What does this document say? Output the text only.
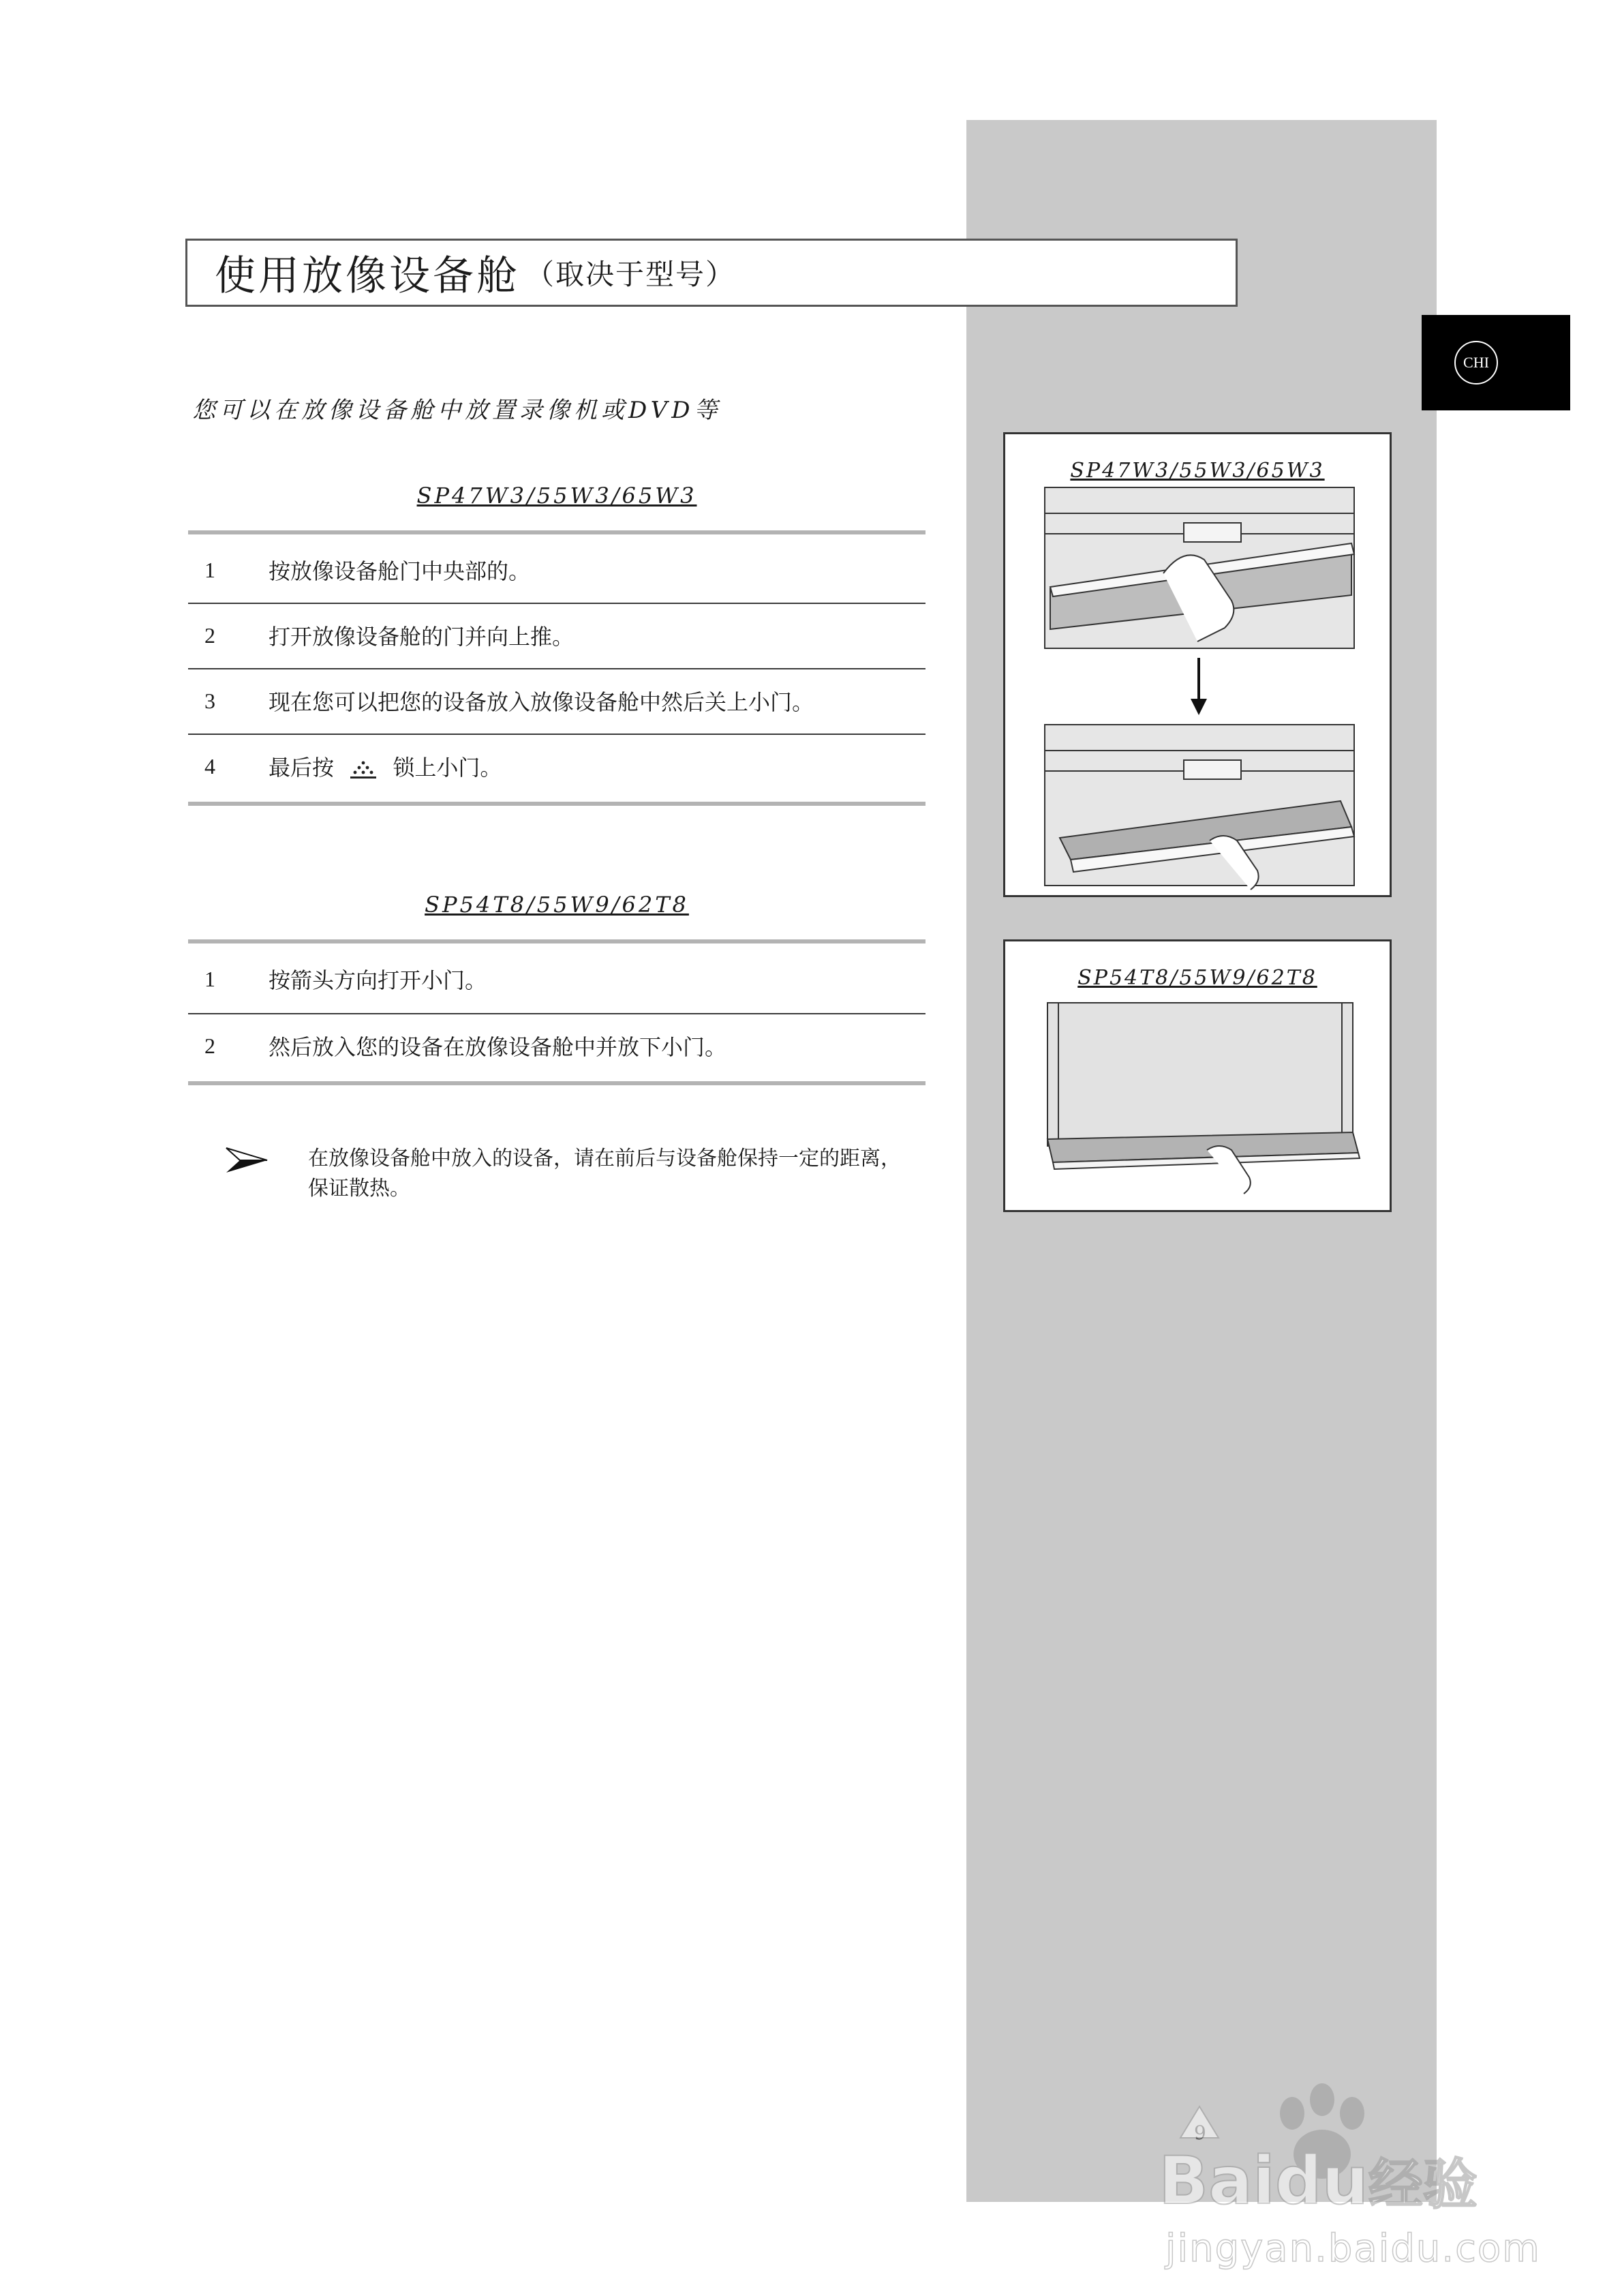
CHI
使用放像设备舱 （取决于型号）
您可以在放像设备舱中放置录像机或DVD等
SP47W3/55W3/65W3
1	按放像设备舱门中央部的。
2	打开放像设备舱的门并向上推。
3	现在您可以把您的设备放入放像设备舱中然后关上小门。
4	最后按	锁上小门。
SP54T8/55W9/62T8
1	按箭头方向打开小门。
2	然后放入您的设备在放像设备舱中并放下小门。
在放像设备舱中放入的设备，请在前后与设备舱保持一定的距离，保证散热。
SP47W3/55W3/65W3
SP54T8/55W9/62T8
Baidu经验
jingyan.baidu.com
